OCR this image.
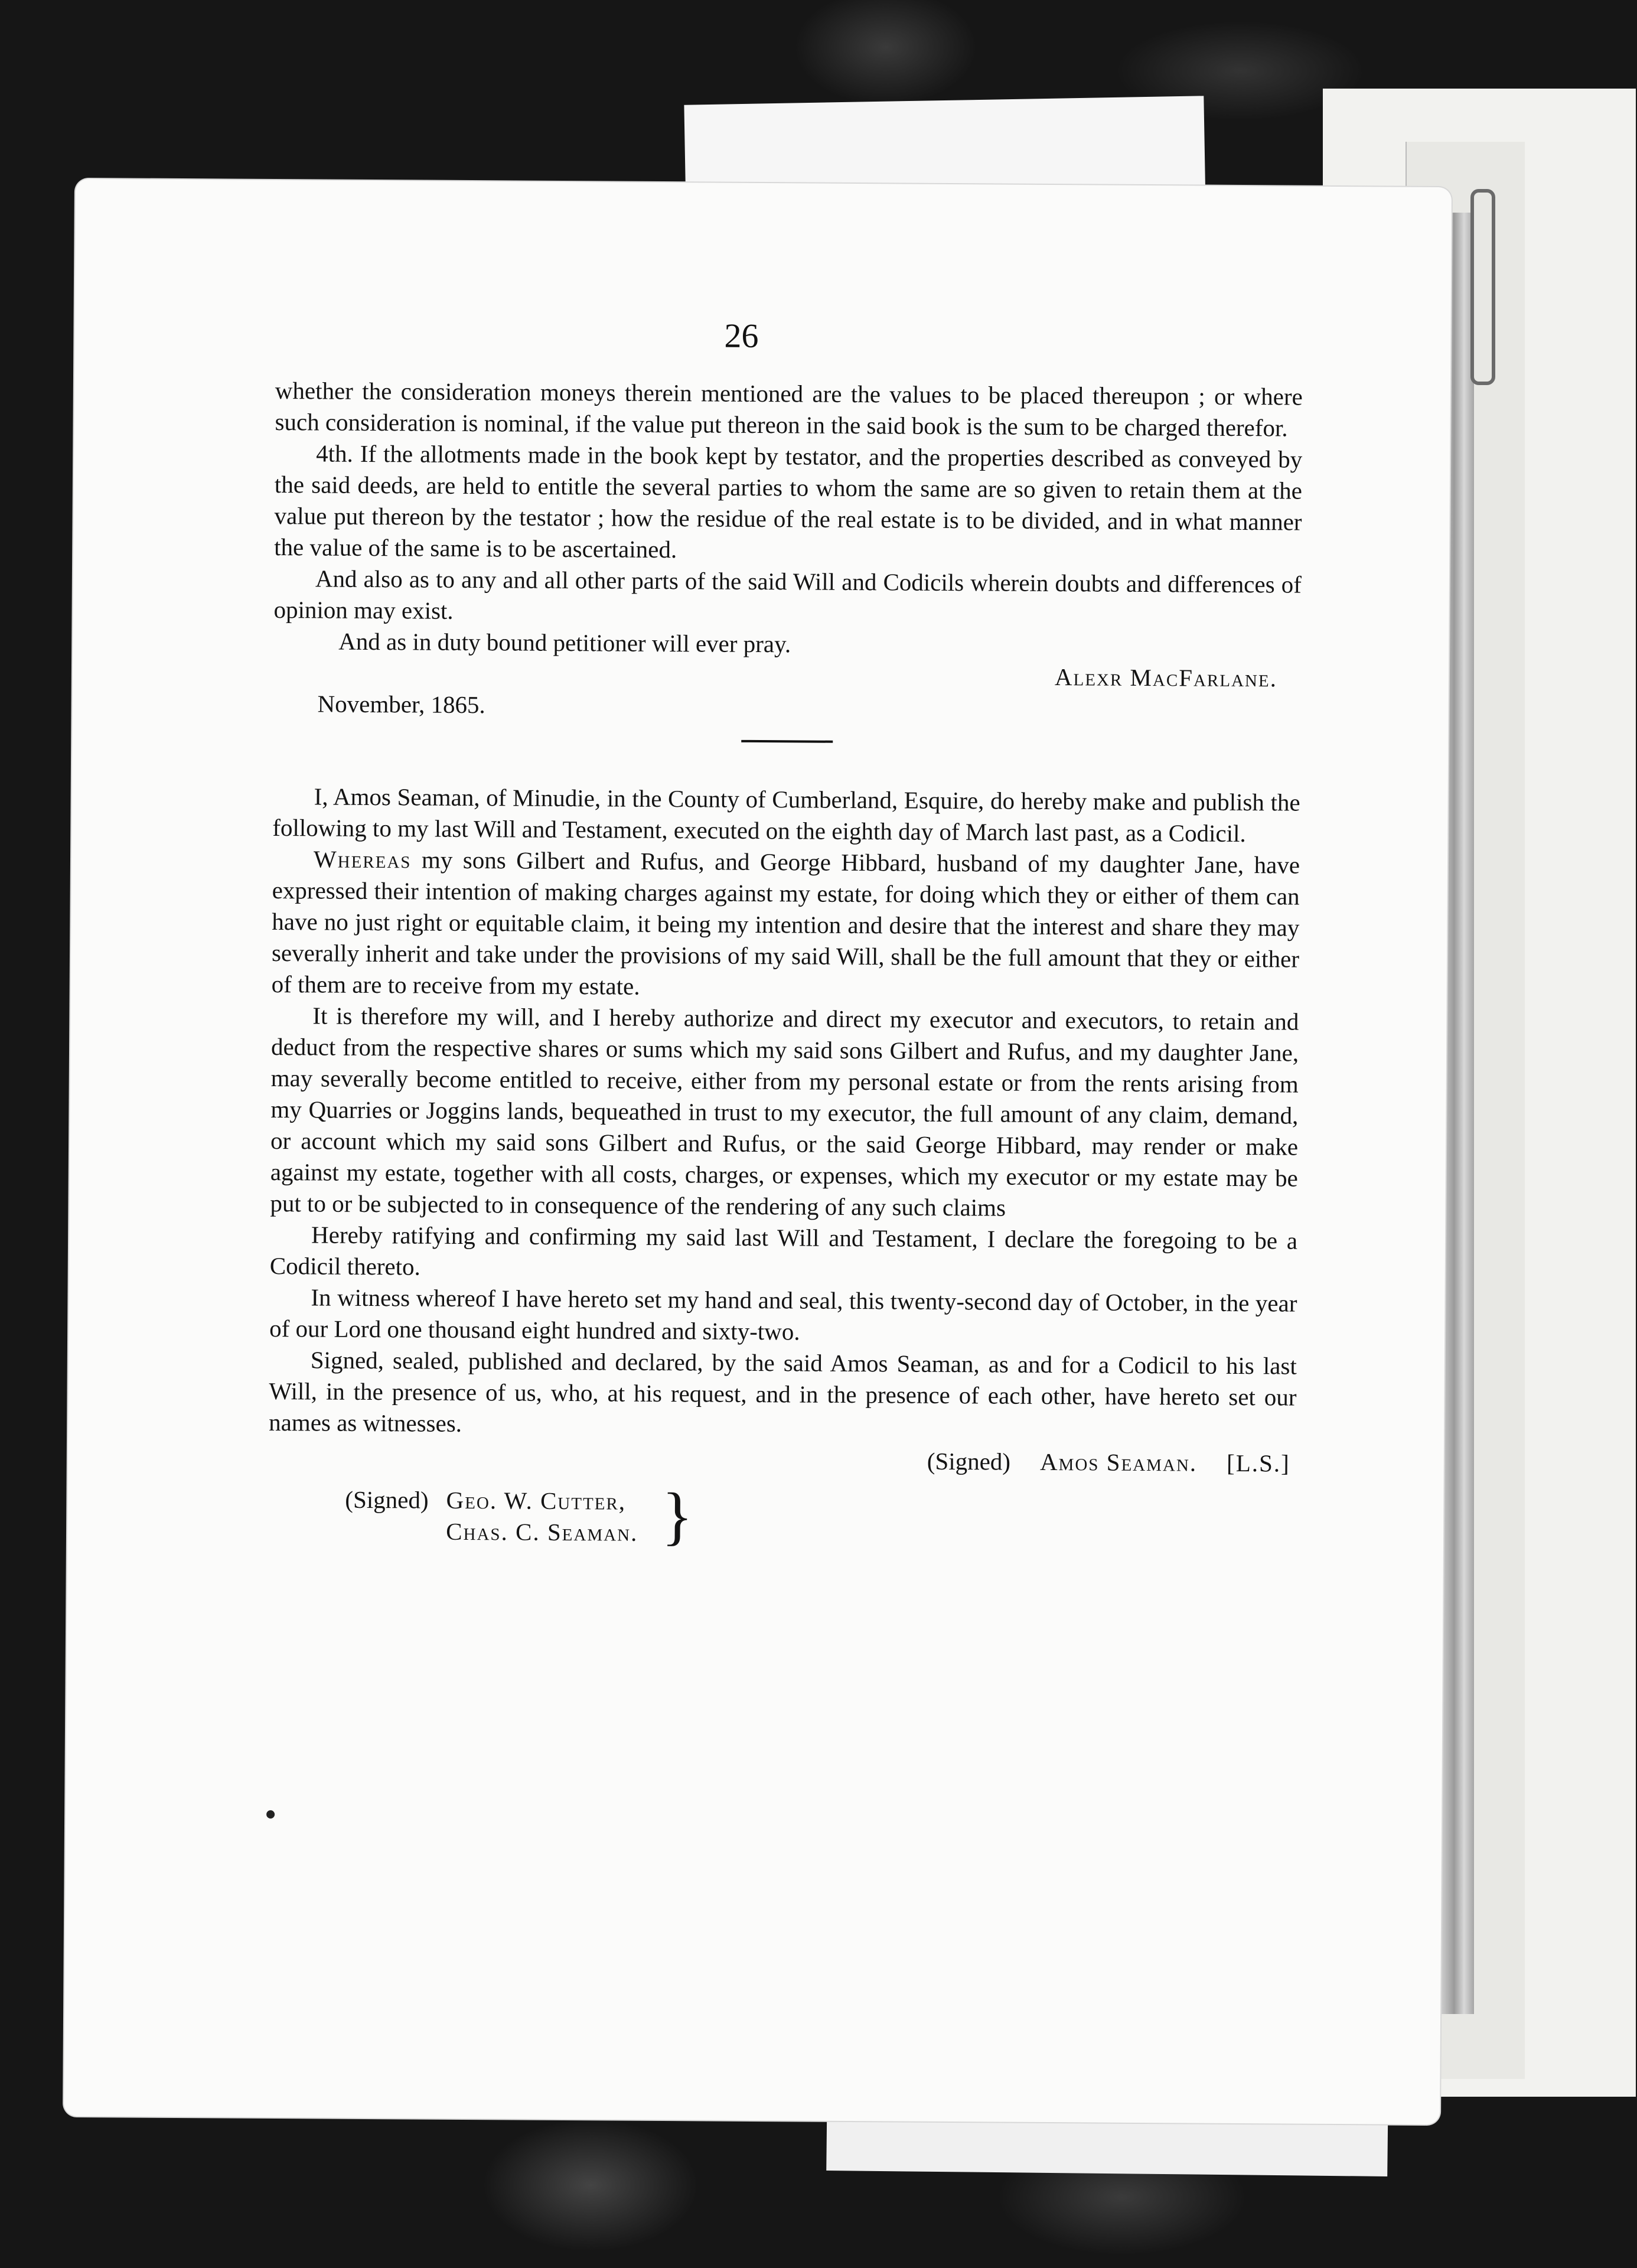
26

whether the consideration moneys therein mentioned are the values to be placed thereupon ; or where such consideration is nominal, if the value put thereon in the said book is the sum to be charged therefor.

4th. If the allotments made in the book kept by testator, and the properties described as conveyed by the said deeds, are held to entitle the several parties to whom the same are so given to retain them at the value put thereon by the testator ; how the residue of the real estate is to be divided, and in what manner the value of the same is to be ascertained.

And also as to any and all other parts of the said Will and Codicils wherein doubts and differences of opinion may exist.

And as in duty bound petitioner will ever pray.

Alexr MacFarlane.

November, 1865.

I, Amos Seaman, of Minudie, in the County of Cumberland, Esquire, do hereby make and publish the following to my last Will and Testament, executed on the eighth day of March last past, as a Codicil.

Whereas my sons Gilbert and Rufus, and George Hibbard, husband of my daughter Jane, have expressed their intention of making charges against my estate, for doing which they or either of them can have no just right or equitable claim, it being my intention and desire that the interest and share they may severally inherit and take under the provisions of my said Will, shall be the full amount that they or either of them are to receive from my estate.

It is therefore my will, and I hereby authorize and direct my executor and executors, to retain and deduct from the respective shares or sums which my said sons Gilbert and Rufus, and my daughter Jane, may severally become entitled to receive, either from my personal estate or from the rents arising from my Quarries or Joggins lands, bequeathed in trust to my executor, the full amount of any claim, demand, or account which my said sons Gilbert and Rufus, or the said George Hibbard, may render or make against my estate, together with all costs, charges, or expenses, which my executor or my estate may be put to or be subjected to in consequence of the rendering of any such claims

Hereby ratifying and confirming my said last Will and Testament, I declare the foregoing to be a Codicil thereto.

In witness whereof I have hereto set my hand and seal, this twenty-second day of October, in the year of our Lord one thousand eight hundred and sixty-two.

Signed, sealed, published and declared, by the said Amos Seaman, as and for a Codicil to his last Will, in the presence of us, who, at his request, and in the presence of each other, have hereto set our names as witnesses.

(Signed) Amos Seaman. [L.S.]
(Signed) Geo. W. Cutter,
Chas. C. Seaman. }
